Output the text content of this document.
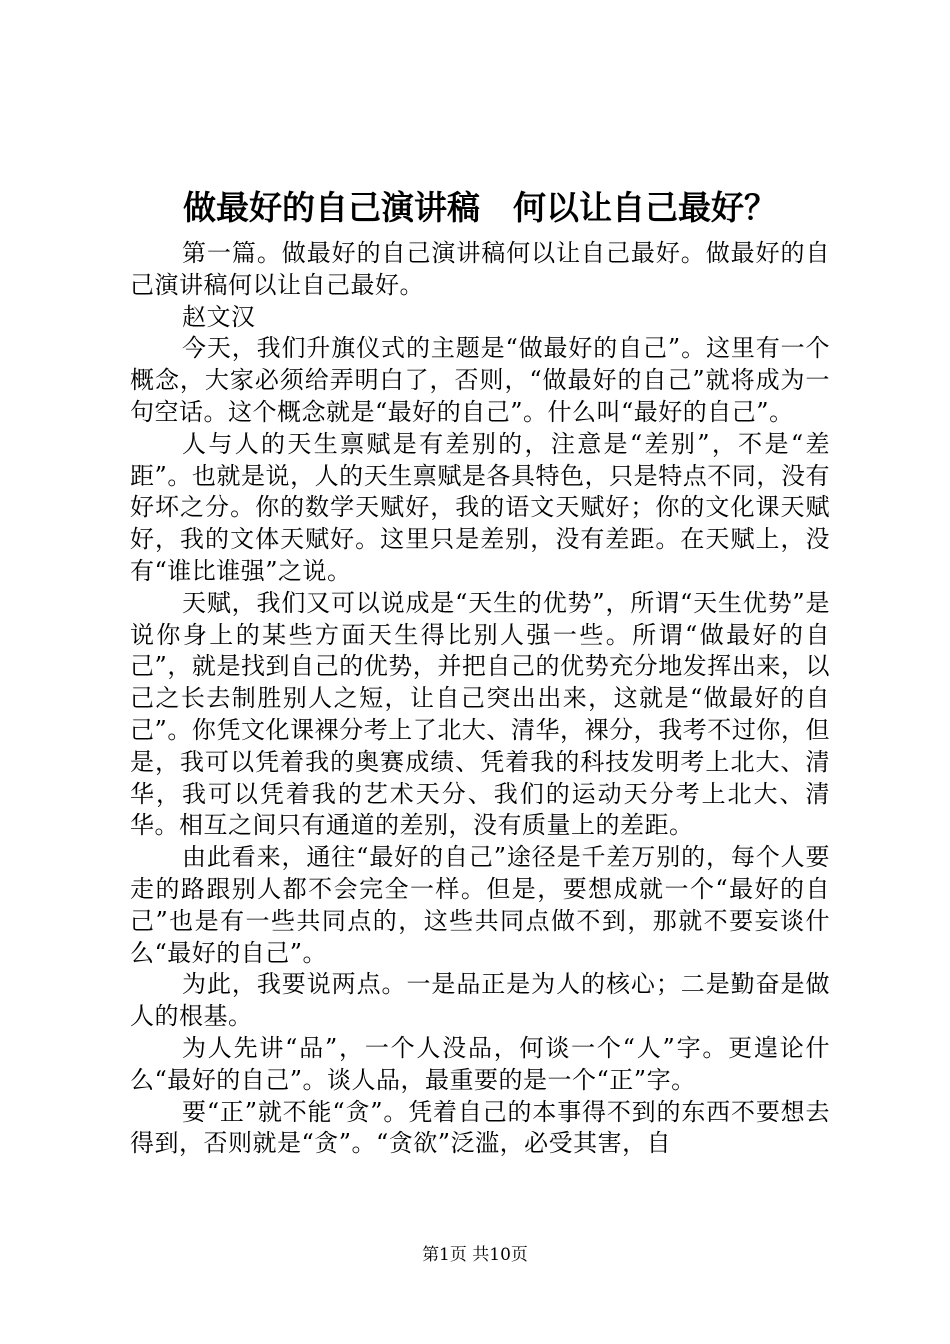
做最好的自己演讲稿　何以让自己最好？

第一篇。做最好的自己演讲稿何以让自己最好。做最好的自己演讲稿何以让自己最好。

赵文汉

今天，我们升旗仪式的主题是“做最好的自己”。这里有一个概念，大家必须给弄明白了，否则，“做最好的自己”就将成为一句空话。这个概念就是“最好的自己”。什么叫“最好的自己”。

人与人的天生禀赋是有差别的，注意是“差别”，不是“差距”。也就是说，人的天生禀赋是各具特色，只是特点不同，没有好坏之分。你的数学天赋好，我的语文天赋好；你的文化课天赋好，我的文体天赋好。这里只是差别，没有差距。在天赋上，没有“谁比谁强”之说。

天赋，我们又可以说成是“天生的优势”，所谓“天生优势”是说你身上的某些方面天生得比别人强一些。所谓“做最好的自己”，就是找到自己的优势，并把自己的优势充分地发挥出来，以己之长去制胜别人之短，让自己突出出来，这就是“做最好的自己”。你凭文化课裸分考上了北大、清华，裸分，我考不过你，但是，我可以凭着我的奥赛成绩、凭着我的科技发明考上北大、清华，我可以凭着我的艺术天分、我们的运动天分考上北大、清华。相互之间只有通道的差别，没有质量上的差距。

由此看来，通往“最好的自己”途径是千差万别的，每个人要走的路跟别人都不会完全一样。但是，要想成就一个“最好的自己”也是有一些共同点的，这些共同点做不到，那就不要妄谈什么“最好的自己”。

为此，我要说两点。一是品正是为人的核心；二是勤奋是做人的根基。

为人先讲“品”，一个人没品，何谈一个“人”字。更遑论什么“最好的自己”。谈人品，最重要的是一个“正”字。

要“正”就不能“贪”。凭着自己的本事得不到的东西不要想去得到，否则就是“贪”。“贪欲”泛滥，必受其害，自

第1页 共10页
